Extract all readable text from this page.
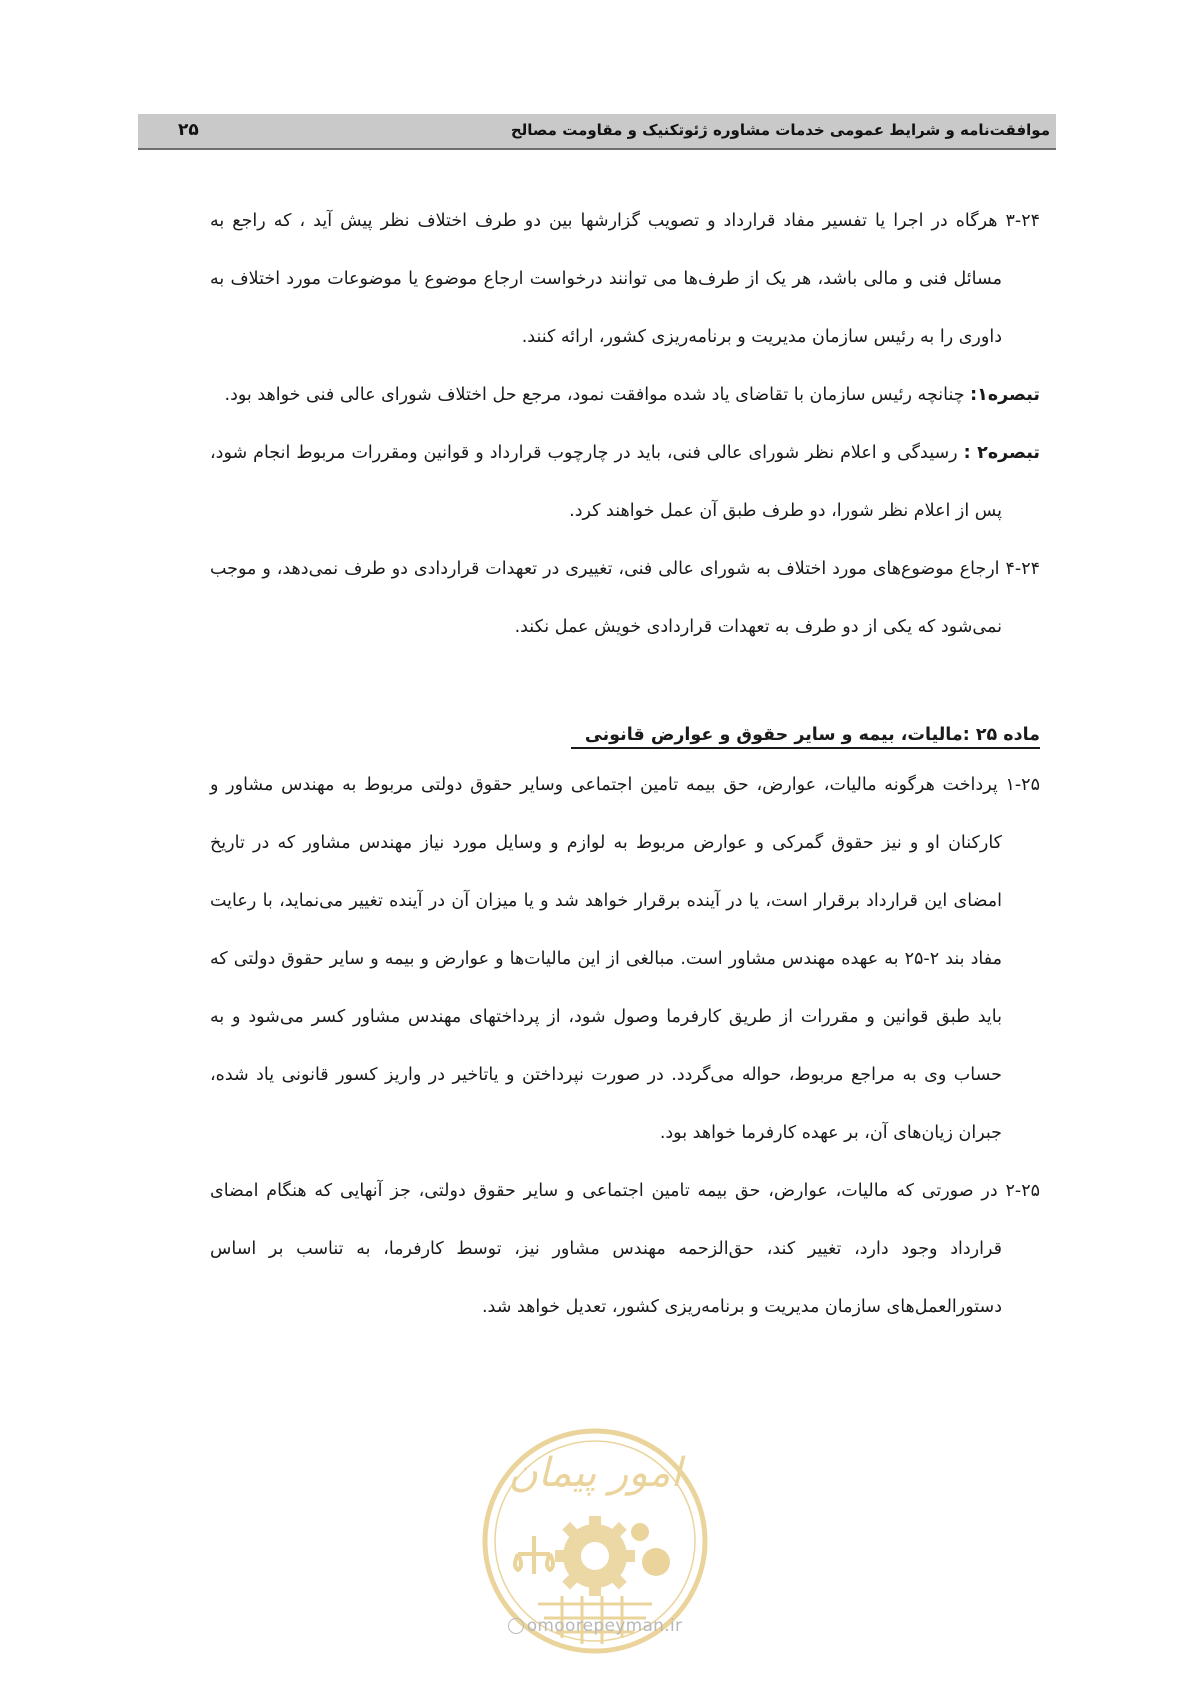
موافقت‌نامه و شرایط عمومی خدمات مشاوره ژئوتکنیک و مقاومت مصالح
۲۵

۳-۲۴ هرگاه در اجرا یا تفسیر مفاد قرارداد و تصویب گزارشها بین دو طرف اختلاف نظر پیش آید ، که راجع به مسائل فنی و مالی باشد، هر یک از طرف‌ها می توانند درخواست ارجاع موضوع یا موضوعات مورد اختلاف به داوری را به رئیس سازمان مدیریت و برنامه‌ریزی کشور، ارائه کنند.

تبصره۱: چنانچه رئیس سازمان با تقاضای یاد شده موافقت نمود، مرجع حل اختلاف شورای عالی فنی خواهد بود.

تبصره۲ : رسیدگی و اعلام نظر شورای عالی فنی، باید در چارچوب قرارداد و قوانین ومقررات مربوط انجام شود، پس از اعلام نظر شورا، دو طرف طبق آن عمل خواهند کرد.

۴-۲۴ ارجاع موضوع‌های مورد اختلاف به شورای عالی فنی، تغییری در تعهدات قراردادی دو طرف نمی‌دهد، و موجب نمی‌شود که یکی از دو طرف به تعهدات قراردادی خویش عمل نکند.

ماده ۲۵ :مالیات، بیمه و سایر حقوق و عوارض قانونی

۱-۲۵ پرداخت هرگونه مالیات، عوارض، حق بیمه تامین اجتماعی وسایر حقوق دولتی مربوط به مهندس مشاور و کارکنان او و نیز حقوق گمرکی و عوارض مربوط به لوازم و وسایل مورد نیاز مهندس مشاور که در تاریخ امضای این قرارداد برقرار است، یا در آینده برقرار خواهد شد و یا میزان آن در آینده تغییر می‌نماید، با رعایت مفاد بند ۲-۲۵ به عهده مهندس مشاور است. مبالغی از این مالیات‌ها و عوارض و بیمه و سایر حقوق دولتی که باید طبق قوانین و مقررات از طریق کارفرما وصول شود، از پرداختهای مهندس مشاور کسر می‌شود و به حساب وی به مراجع مربوط، حواله می‌گردد. در صورت نپرداختن و یاتاخیر در واریز کسور قانونی یاد شده، جبران زیان‌های آن، بر عهده کارفرما خواهد بود.

۲-۲۵ در صورتی که مالیات، عوارض، حق بیمه تامین اجتماعی و سایر حقوق دولتی، جز آنهایی که هنگام امضای قرارداد وجود دارد، تغییر کند، حق‌الزحمه مهندس مشاور نیز، توسط کارفرما، به تناسب بر اساس دستورالعمل‌های سازمان مدیریت و برنامه‌ریزی کشور، تعدیل خواهد شد.

امور پیمان
omoorepeyman.ir
